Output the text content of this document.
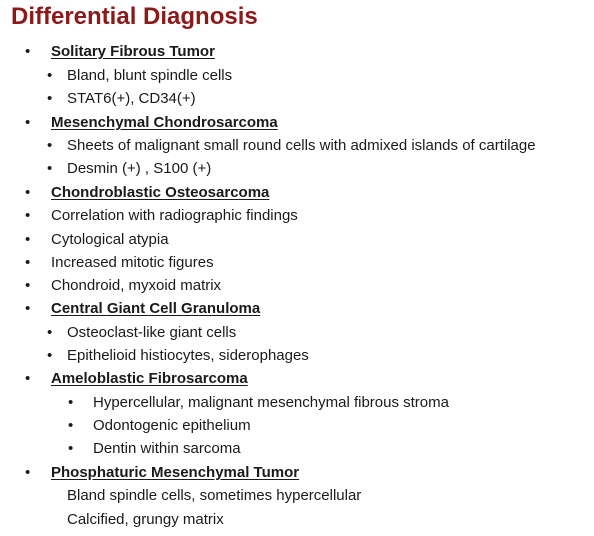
Differential Diagnosis
• Solitary Fibrous Tumor
• Bland, blunt spindle cells
• STAT6(+), CD34(+)
• Mesenchymal Chondrosarcoma
• Sheets of malignant small round cells with admixed islands of cartilage
• Desmin (+) , S100 (+)
• Chondroblastic Osteosarcoma
• Correlation with radiographic findings
• Cytological atypia
• Increased mitotic figures
• Chondroid, myxoid matrix
• Central Giant Cell Granuloma
• Osteoclast-like giant cells
• Epithelioid histiocytes, siderophages
• Ameloblastic Fibrosarcoma
• Hypercellular, malignant mesenchymal fibrous stroma
• Odontogenic epithelium
• Dentin within sarcoma
• Phosphaturic Mesenchymal Tumor
Bland spindle cells, sometimes hypercellular
Calcified, grungy matrix
